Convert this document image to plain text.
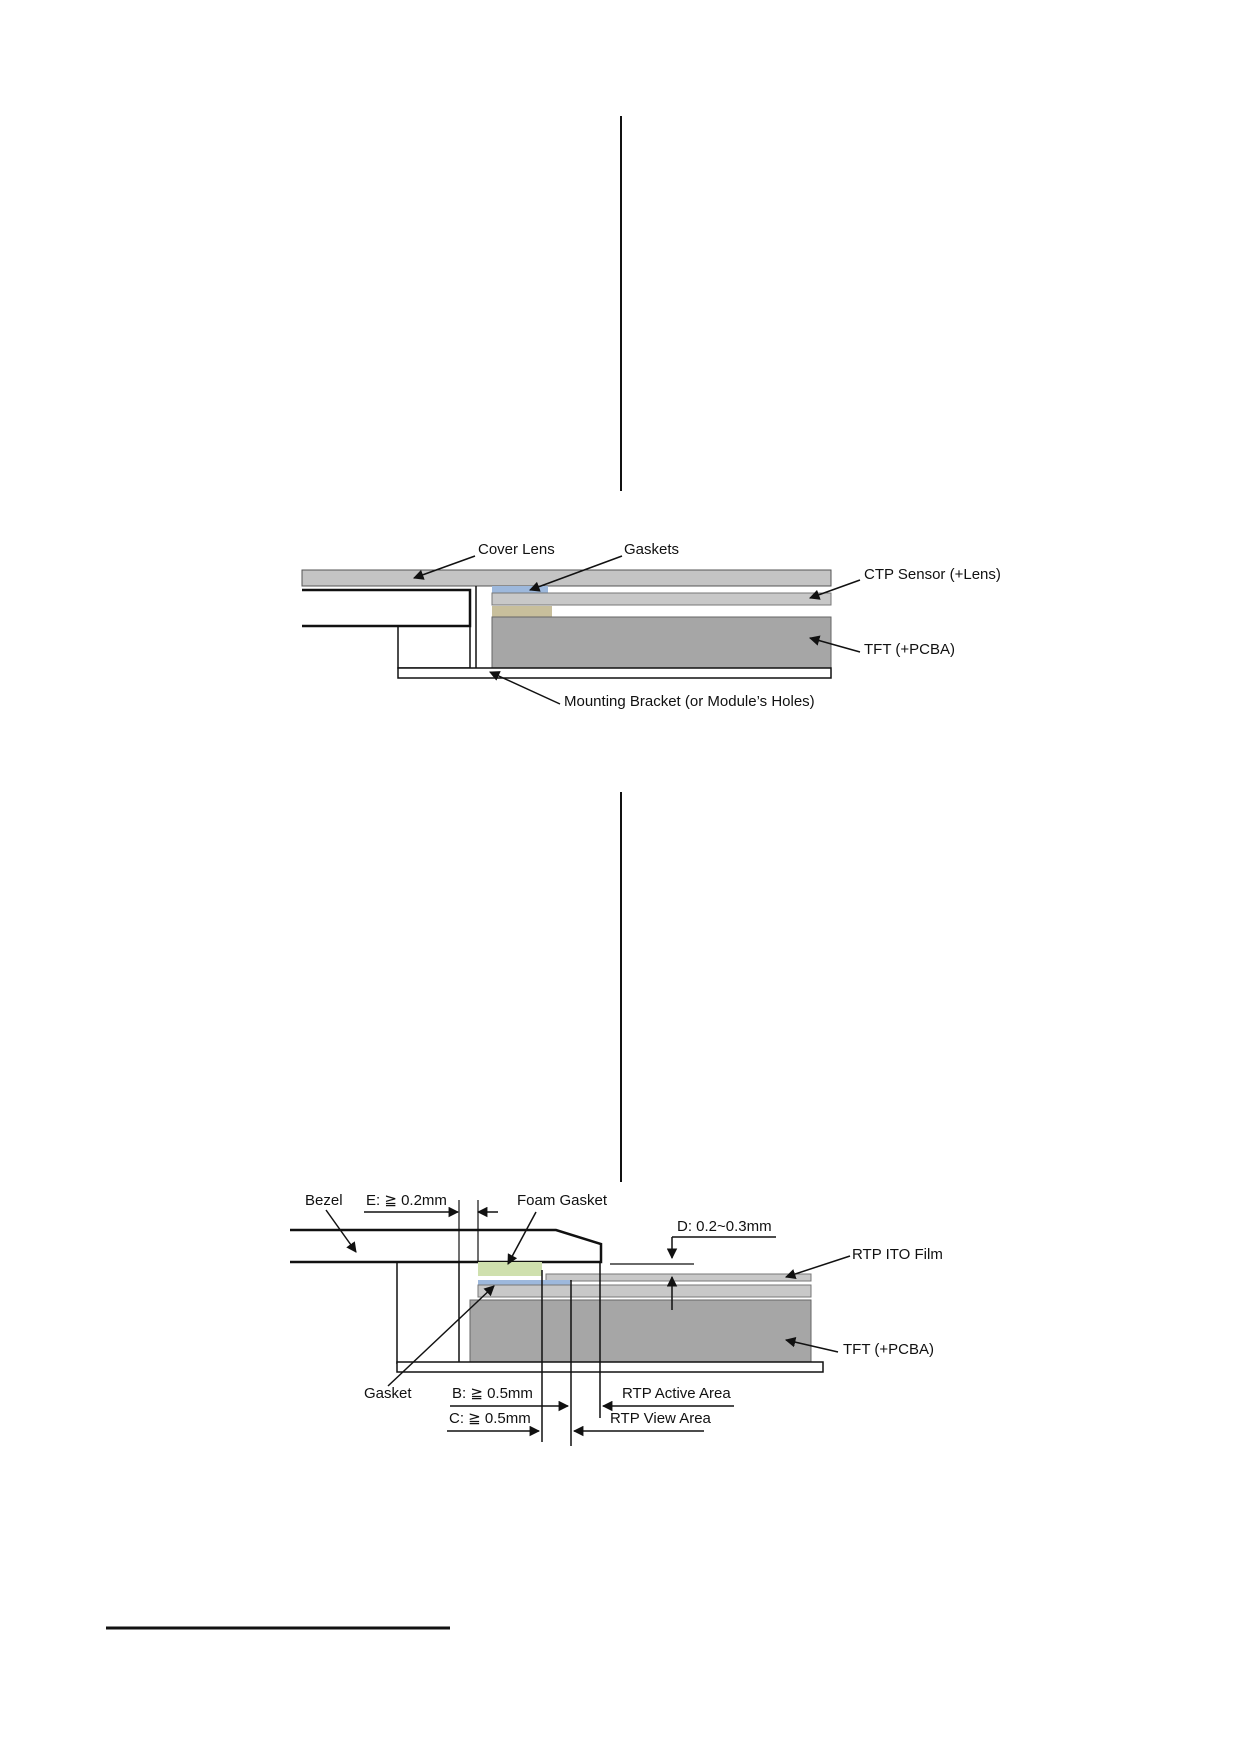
Cover Lens	Gaskets
CTP Sensor (+Lens)
TFT (+PCBA)
Mounting Bracket (or Module’s Holes)
Bezel E: ≧ 0.2mm	Foam Gasket
D: 0.2~0.3mm
RTP ITO Film
TFT (+PCBA)
Gasket	B: ≧ 0.5mm	RTP Active Area
C: ≧ 0.5mm	RTP View Area
